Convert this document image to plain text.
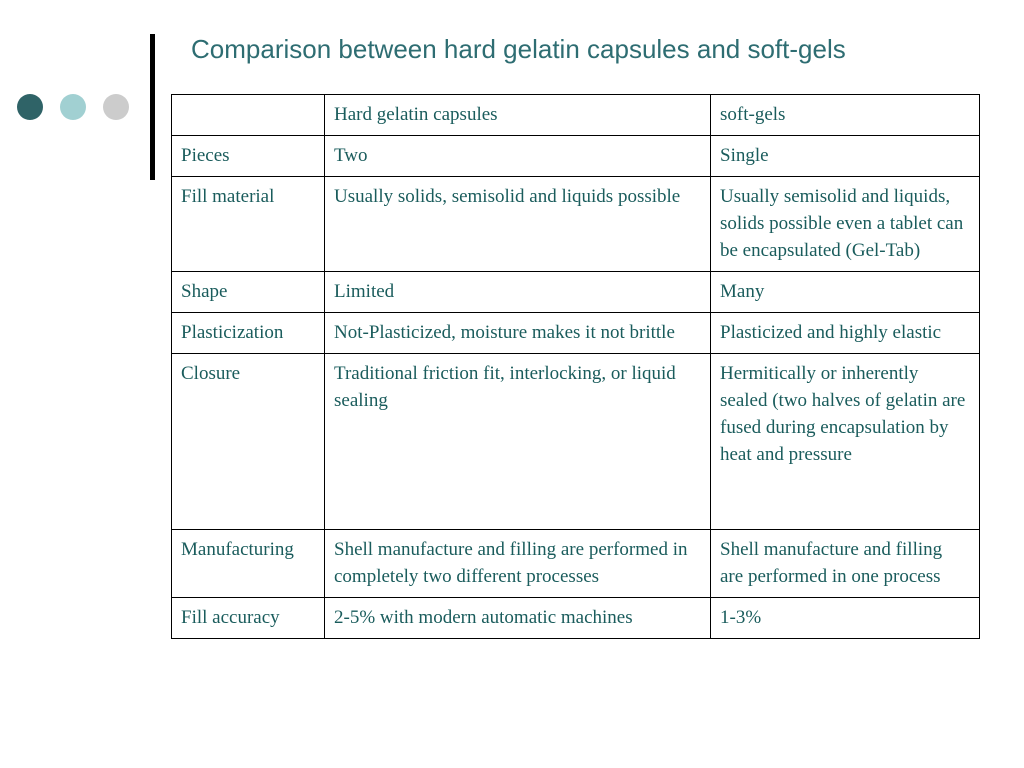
Comparison between hard gelatin capsules and soft-gels
	Hard gelatin capsules	soft-gels
Pieces	Two	Single
Fill material	Usually solids, semisolid and liquids possible	Usually semisolid and liquids, solids possible even a tablet can be encapsulated (Gel-Tab)
Shape	Limited	Many
Plasticization	Not-Plasticized, moisture makes it not brittle	Plasticized and highly elastic
Closure	Traditional friction fit, interlocking, or liquid sealing	Hermitically or inherently sealed (two halves of gelatin are fused during encapsulation by heat and pressure
Manufacturing	Shell manufacture and filling are performed in completely two different processes	Shell manufacture and filling are performed in one process
Fill accuracy	2-5% with modern automatic machines	1-3%
